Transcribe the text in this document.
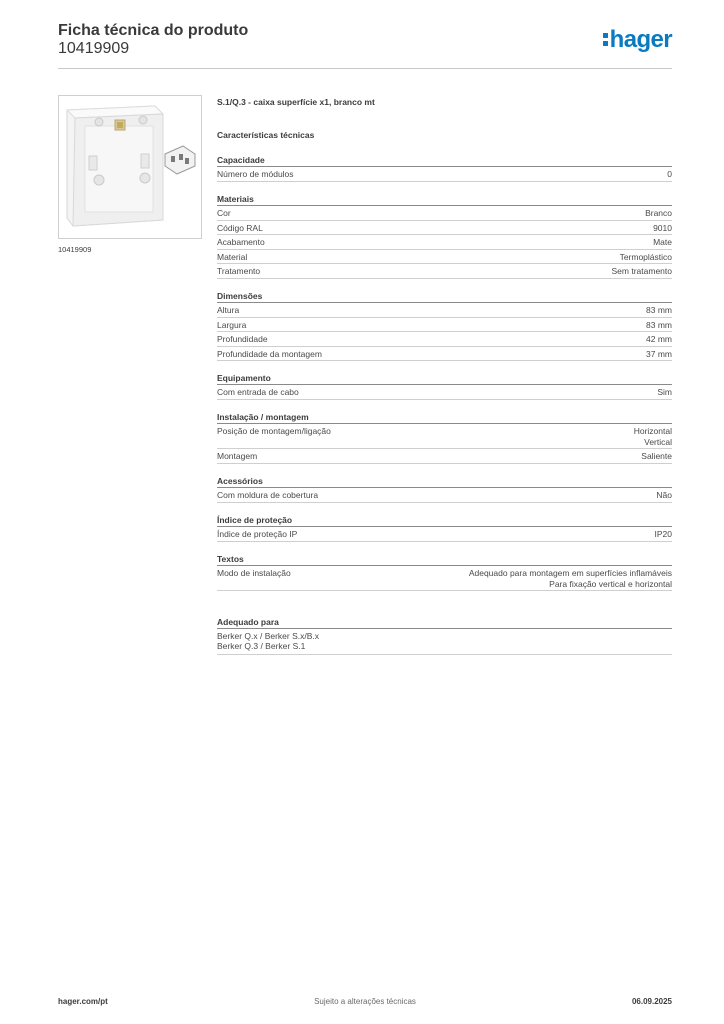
Ficha técnica do produto
10419909	hager
10419909
S.1/Q.3 - caixa superfície x1, branco mt
Características técnicas
Capacidade
Número de módulos	0
Materiais
Cor	Branco
Código RAL	9010
Acabamento	Mate
Material	Termoplástico
Tratamento	Sem tratamento
Dimensões
Altura	83 mm
Largura	83 mm
Profundidade	42 mm
Profundidade da montagem	37 mm
Equipamento
Com entrada de cabo	Sim
Instalação / montagem
Posição de montagem/ligação	Horizontal
Vertical
Montagem	Saliente
Acessórios
Com moldura de cobertura	Não
Índice de proteção
Índice de proteção IP	IP20
Textos
Modo de instalação	Adequado para montagem em superfícies inflamáveis
Para fixação vertical e horizontal
Adequado para
Berker Q.x / Berker S.x/B.x
Berker Q.3 / Berker S.1
hager.com/pt	Sujeito a alterações técnicas	06.09.2025
